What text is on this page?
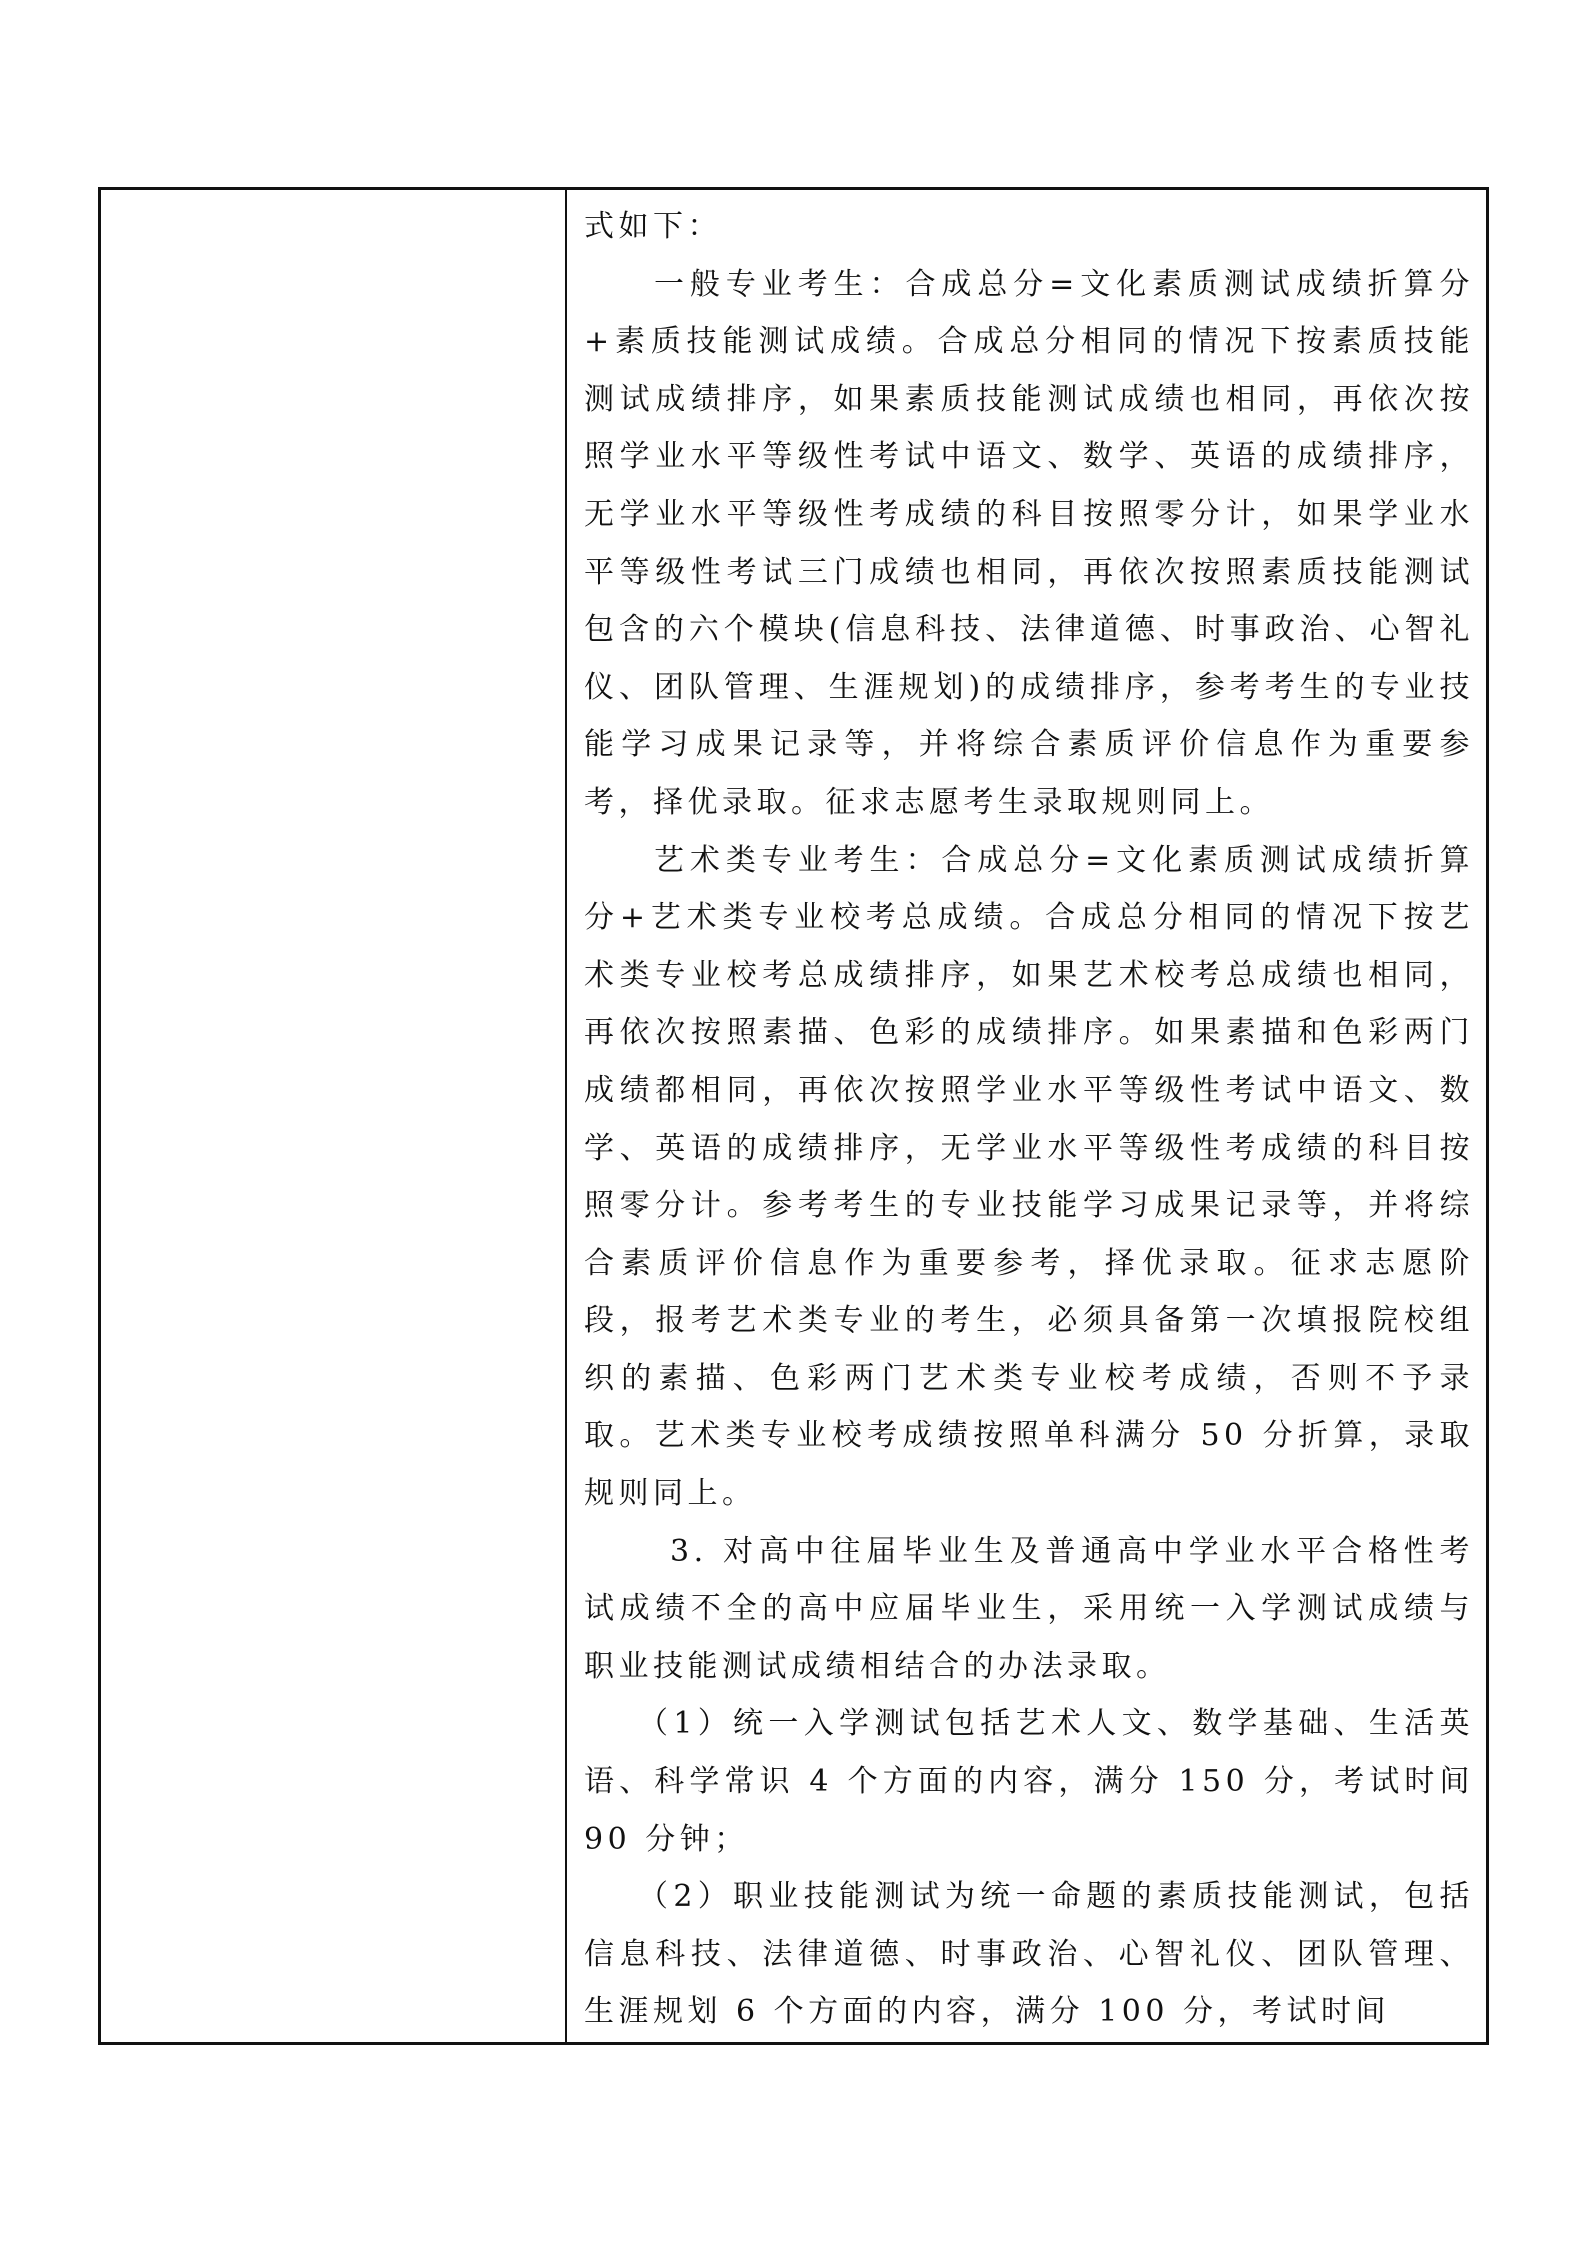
式如下：

一般专业考生：合成总分=文化素质测试成绩折算分+素质技能测试成绩。合成总分相同的情况下按素质技能测试成绩排序，如果素质技能测试成绩也相同，再依次按照学业水平等级性考试中语文、数学、英语的成绩排序，无学业水平等级性考成绩的科目按照零分计，如果学业水平等级性考试三门成绩也相同，再依次按照素质技能测试包含的六个模块(信息科技、法律道德、时事政治、心智礼仪、团队管理、生涯规划)的成绩排序，参考考生的专业技能学习成果记录等，并将综合素质评价信息作为重要参考，择优录取。征求志愿考生录取规则同上。

艺术类专业考生：合成总分=文化素质测试成绩折算分+艺术类专业校考总成绩。合成总分相同的情况下按艺术类专业校考总成绩排序，如果艺术校考总成绩也相同，再依次按照素描、色彩的成绩排序。如果素描和色彩两门成绩都相同，再依次按照学业水平等级性考试中语文、数学、英语的成绩排序，无学业水平等级性考成绩的科目按照零分计。参考考生的专业技能学习成果记录等，并将综合素质评价信息作为重要参考，择优录取。征求志愿阶段，报考艺术类专业的考生，必须具备第一次填报院校组织的素描、色彩两门艺术类专业校考成绩，否则不予录取。艺术类专业校考成绩按照单科满分 50 分折算，录取规则同上。

3. 对高中往届毕业生及普通高中学业水平合格性考试成绩不全的高中应届毕业生，采用统一入学测试成绩与职业技能测试成绩相结合的办法录取。

（1）统一入学测试包括艺术人文、数学基础、生活英语、科学常识 4 个方面的内容，满分 150 分，考试时间 90 分钟；

（2）职业技能测试为统一命题的素质技能测试，包括信息科技、法律道德、时事政治、心智礼仪、团队管理、生涯规划 6 个方面的内容，满分 100 分，考试时间
